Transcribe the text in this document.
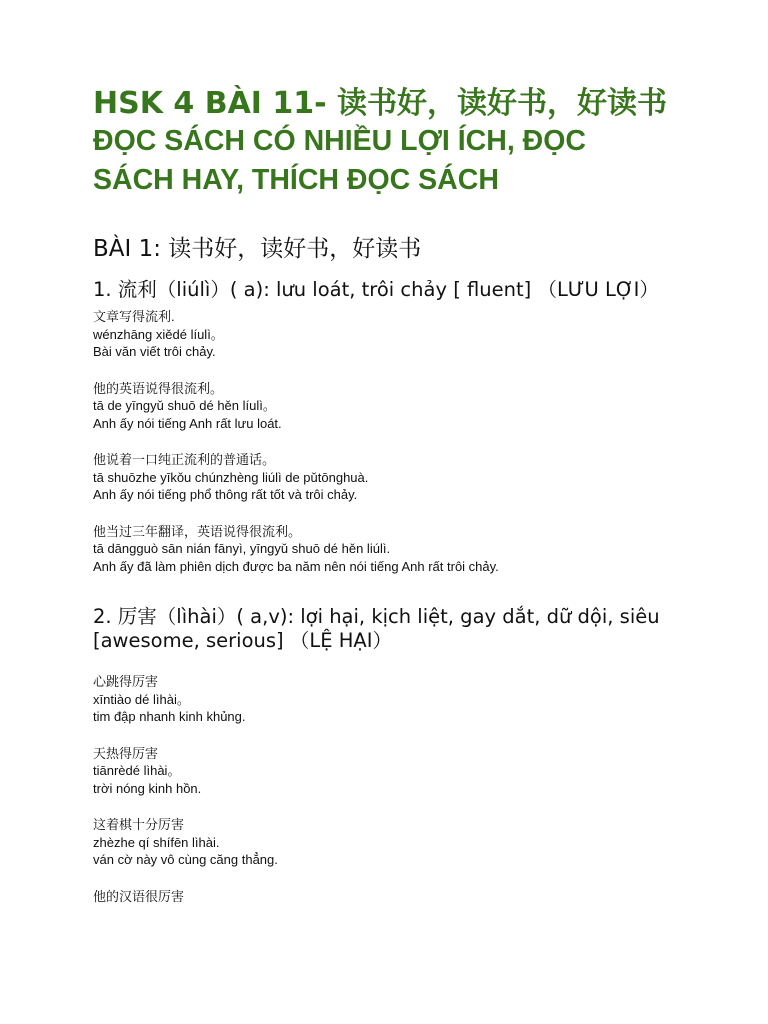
HSK 4 BÀI 11- 读书好，读好书，好读书
ĐỌC SÁCH CÓ NHIỀU LỢI ÍCH, ĐỌC
SÁCH HAY, THÍCH ĐỌC SÁCH
BÀI 1: 读书好，读好书，好读书
1. 流利（liúlì）( a): lưu loát, trôi chảy [ fluent] （LƯU LỢI）
文章写得流利.
wénzhāng xiědé líulì。
Bài văn viết trôi chảy.
他的英语说得很流利。
tā de yīngyǔ shuō dé hěn líulì。
Anh ấy nói tiếng Anh rất lưu loát.
他说着一口纯正流利的普通话。
tā shuōzhe yīkǒu chúnzhèng liúlì de pǔtōnghuà.
Anh ấy nói tiếng phổ thông rất tốt và trôi chảy.
他当过三年翻译，英语说得很流利。
tā dāngguò sān nián fānyì, yīngyǔ shuō dé hěn liúlì.
Anh ấy đã làm phiên dịch được ba năm nên nói tiếng Anh rất trôi chảy.
2. 厉害（lìhài）( a,v): lợi hại, kịch liệt, gay dắt, dữ dội, siêu
[awesome, serious] （LỆ HẠI）
心跳得厉害
xīntiào dé lìhài。
tim đập nhanh kinh khủng.
天热得厉害
tiānrèdé lìhài。
trời nóng kinh hồn.
这着棋十分厉害
zhèzhe qí shífēn lìhài.
ván cờ này vô cùng căng thẳng.
他的汉语很厉害
